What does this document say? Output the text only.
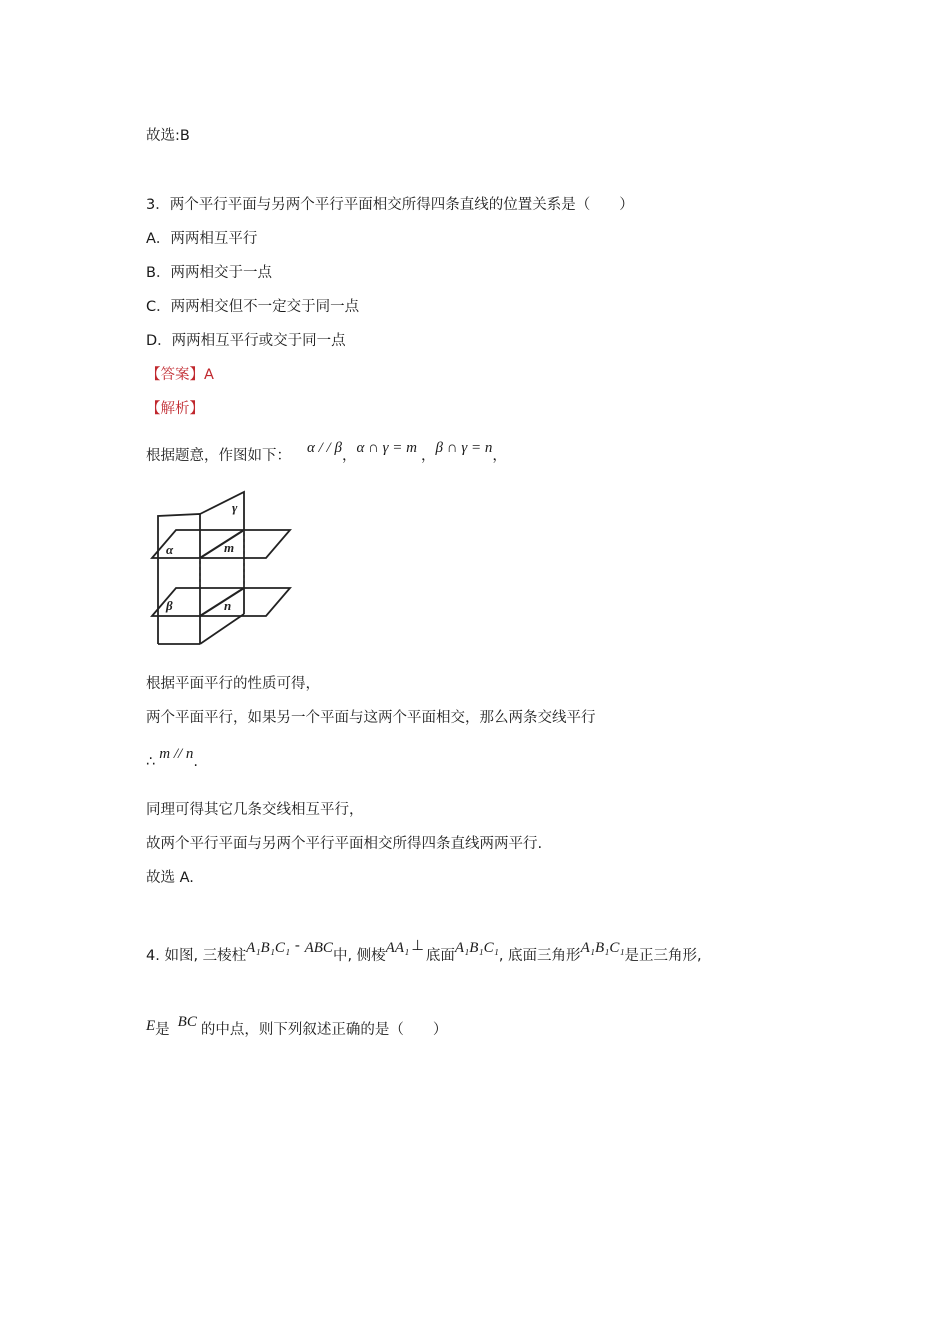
故选:B
3．两个平行平面与另两个平行平面相交所得四条直线的位置关系是（　　）
A．两两相互平行
B．两两相交于一点
C．两两相交但不一定交于同一点
D．两两相互平行或交于同一点
【答案】A
【解析】
根据题意，作图如下： α / / β，α ∩ γ = m ，β ∩ γ = n，
γ
α	m
β	n
根据平面平行的性质可得，
两个平面平行，如果另一个平面与这两个平面相交，那么两条交线平行
∴ m // n.
同理可得其它几条交线相互平行，
故两个平行平面与另两个平行平面相交所得四条直线两两平行.
故选 A.
4. 如图, 三棱柱A₁B₁C₁ - ABC中, 侧棱AA₁ ⊥底面A₁B₁C₁, 底面三角形A₁B₁C₁是正三角形,
E是 BC 的中点，则下列叙述正确的是（　　）
